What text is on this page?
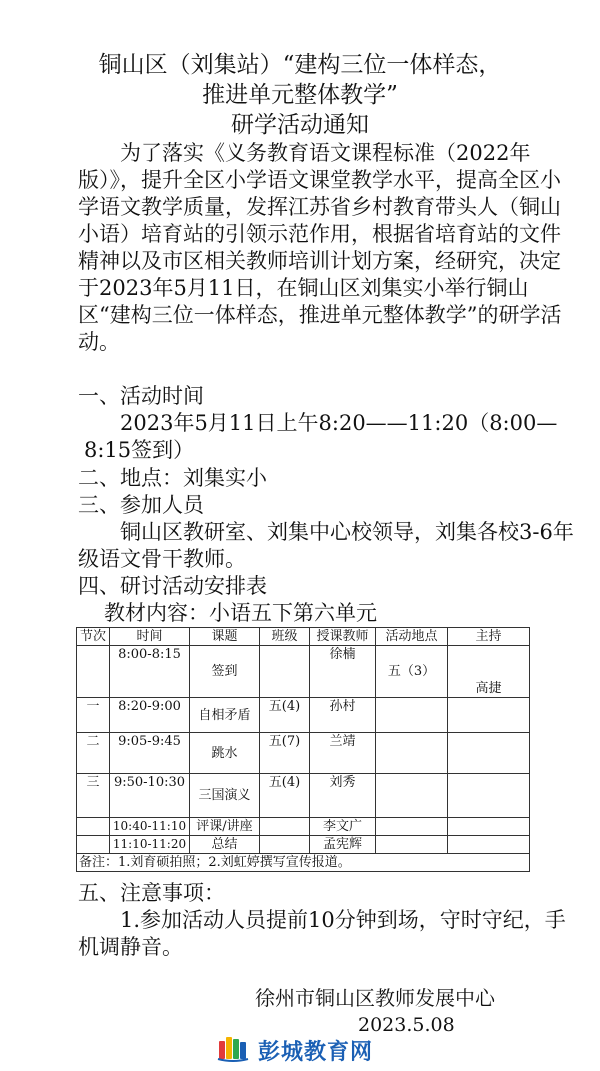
铜山区（刘集站）“建构三位一体样态，
推进单元整体教学”
研学活动通知
为了落实《义务教育语文课程标准（2022年版）》，提升全区小学语文课堂教学水平，提高全区小学语文教学质量，发挥江苏省乡村教育带头人（铜山小语）培育站的引领示范作用，根据省培育站的文件精神以及市区相关教师培训计划方案，经研究，决定于2023年5月11日，在铜山区刘集实小举行铜山区“建构三位一体样态，推进单元整体教学”的研学活动。
一、活动时间
2023年5月11日上午8:20——11:20（8:00—8:15签到）
二、地点：刘集实小
三、参加人员
铜山区教研室、刘集中心校领导，刘集各校3-6年级语文骨干教师。
四、研讨活动安排表
教材内容：小语五下第六单元
节次	时间	课题	班级	授课教师	活动地点	主持
	8:00-8:15	签到		徐楠	五（3）	高捷
一	8:20-9:00	自相矛盾	五(4)	孙村		
二	9:05-9:45	跳水	五(7)	兰靖		
三	9:50-10:30	三国演义	五(4)	刘秀		
	10:40-11:10	评课/讲座		李文广		
	11:10-11:20	总结		孟宪辉		
备注：1.刘育硕拍照；2.刘虹婷撰写宣传报道。						
五、注意事项：
1.参加活动人员提前10分钟到场，守时守纪，手机调静音。
徐州市铜山区教师发展中心
2023.5.08
彭城教育网
